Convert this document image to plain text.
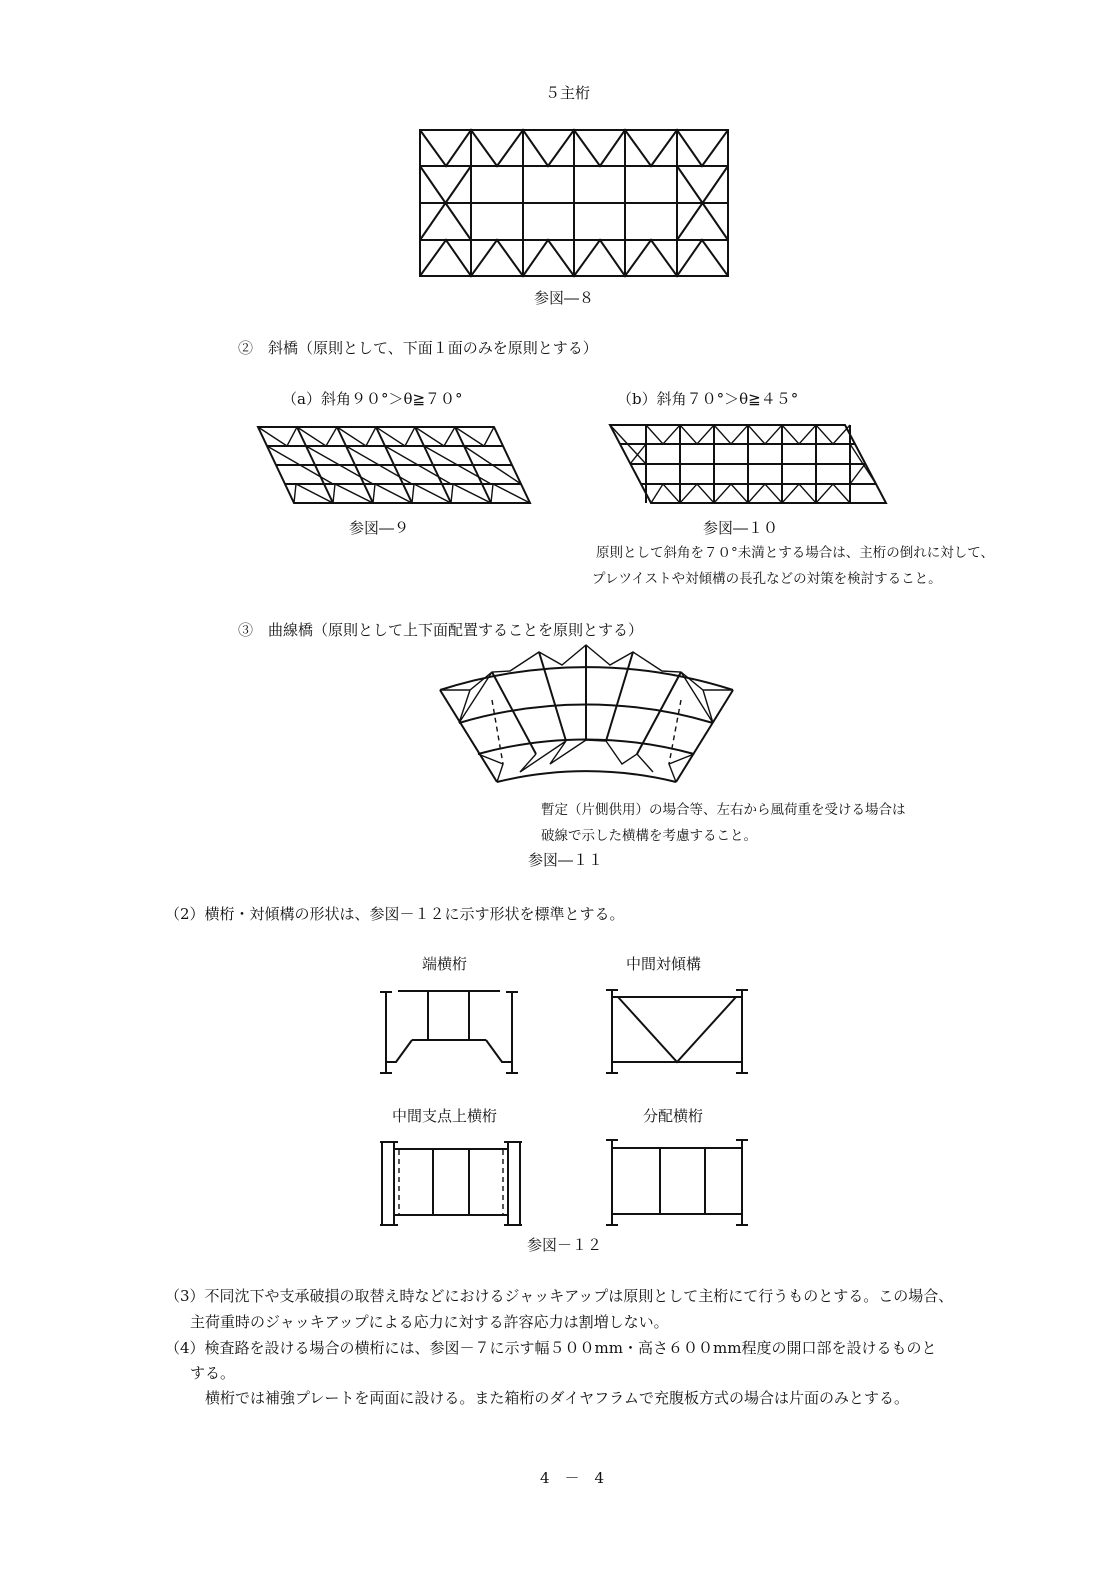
５主桁
参図―８
②　斜橋（原則として、下面１面のみを原則とする）
（a）斜角９０°＞θ≧７０°	（b）斜角７０°＞θ≧４５°
参図―９	参図―１０
原則として斜角を７０°未満とする場合は、主桁の倒れに対して、
プレツイストや対傾構の長孔などの対策を検討すること。
③　曲線橋（原則として上下面配置することを原則とする）
暫定（片側供用）の場合等、左右から風荷重を受ける場合は
破線で示した横構を考慮すること。
参図―１１
（2）横桁・対傾構の形状は、参図－１２に示す形状を標準とする。
端横桁	中間対傾構
中間支点上横桁	分配横桁
参図－１２
（3）不同沈下や支承破損の取替え時などにおけるジャッキアップは原則として主桁にて行うものとする。この場合、
主荷重時のジャッキアップによる応力に対する許容応力は割増しない。
（4）検査路を設ける場合の横桁には、参図－７に示す幅５００mm・高さ６００mm程度の開口部を設けるものと
する。
横桁では補強プレートを両面に設ける。また箱桁のダイヤフラムで充腹板方式の場合は片面のみとする。
4　－　4
